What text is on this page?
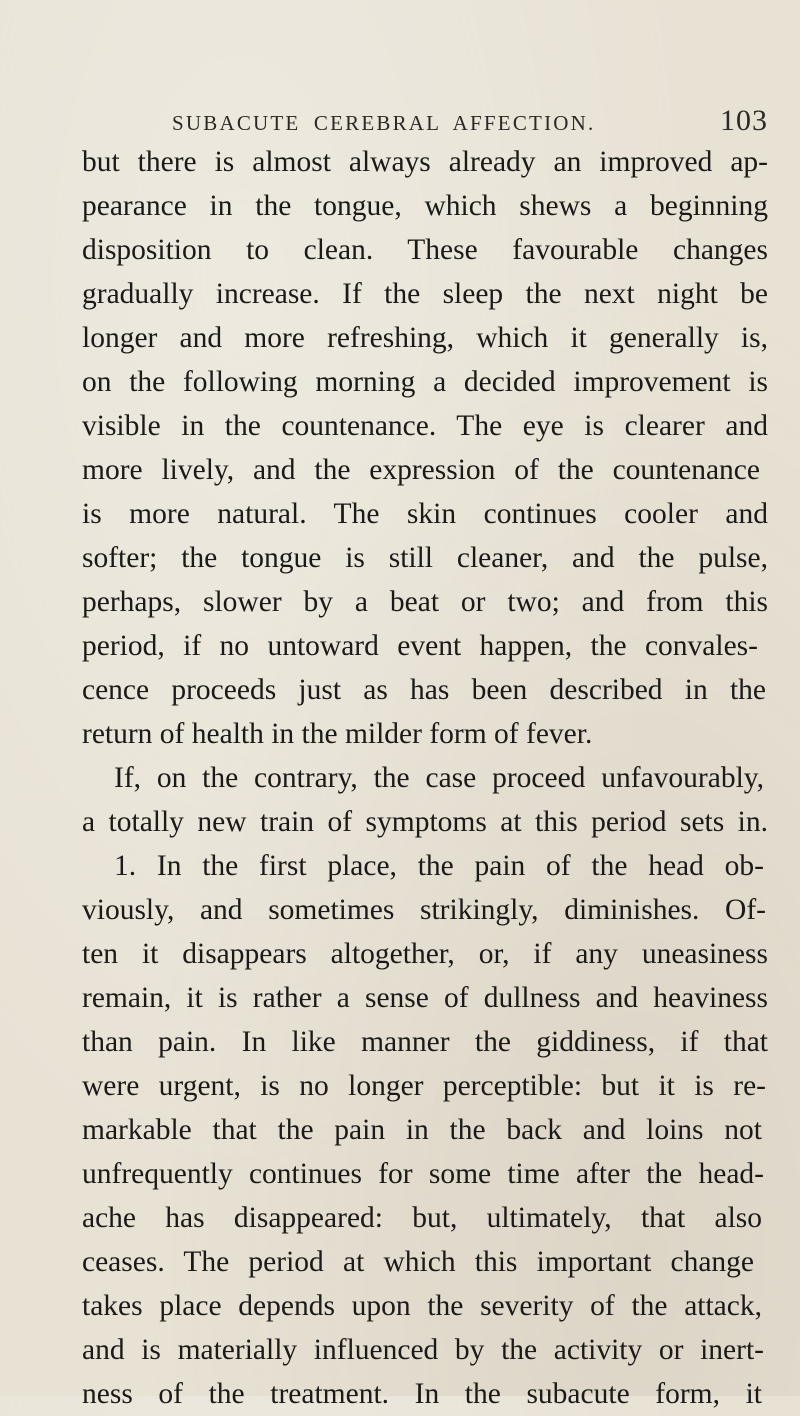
SUBACUTE CEREBRAL AFFECTION.	103
but there is almost always already an improved ap-
pearance in the tongue, which shews a beginning
disposition to clean. These favourable changes
gradually increase. If the sleep the next night be
longer and more refreshing, which it generally is,
on the following morning a decided improvement is
visible in the countenance. The eye is clearer and
more lively, and the expression of the countenance
is more natural. The skin continues cooler and
softer; the tongue is still cleaner, and the pulse,
perhaps, slower by a beat or two; and from this
period, if no untoward event happen, the convales-
cence proceeds just as has been described in the
return of health in the milder form of fever.
If, on the contrary, the case proceed unfavourably,
a totally new train of symptoms at this period sets in.
1. In the first place, the pain of the head ob-
viously, and sometimes strikingly, diminishes. Of-
ten it disappears altogether, or, if any uneasiness
remain, it is rather a sense of dullness and heaviness
than pain. In like manner the giddiness, if that
were urgent, is no longer perceptible: but it is re-
markable that the pain in the back and loins not
unfrequently continues for some time after the head-
ache has disappeared: but, ultimately, that also
ceases. The period at which this important change
takes place depends upon the severity of the attack,
and is materially influenced by the activity or inert-
ness of the treatment. In the subacute form, it
